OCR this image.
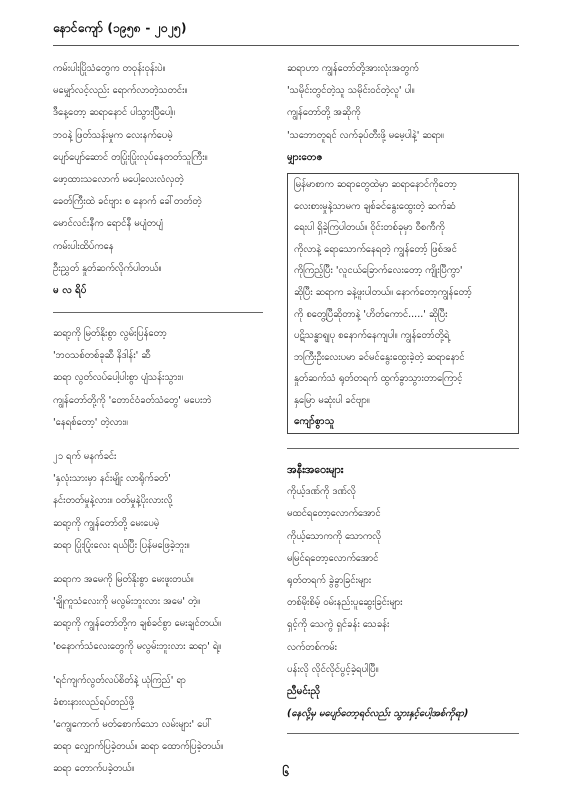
နောင်ကျော် (၁၉၅၈ - ၂၀၂၅)
ကမ်းပါးပြိုသံတွေက တဝုန်းဝုန်းပဲ။
မမျှော်လင့်လည်း ရောက်လာတဲ့သတင်း။
ဒီနေ့တော့ ဆရာနောင် ပါသွားပြီပေါ့။
ဘဝနဲ့ ဖြတ်သန်းမှုက လေးနက်ပေမဲ့
ပျော်ပျော်ဆောင် တပြုံးပြုံးလုပ်နေတတ်သူကြီး။
ဖော့ထားသလောက် မပေါ့လေးလံလှတဲ့
ခေတ်ကြီးထဲ ခင်ဗျား စ နောက် ခေါ်တတ်တဲ့
မောင်လင်းနီက ရောင်နီ မပျံတပျံ
ကမ်းပါးထိပ်ကနေ
ဦးညွှတ် နှုတ်ဆက်လိုက်ပါတယ်။
မ လ ရိပ်
ဆရာ့ကို မြတ်နိုးစွာ လွမ်းပြန်တော့
'ဘဝသစ်တစ်ခုဆီ နိဒါန်း' ဆီ
ဆရာ လွတ်လပ်ပေါ့ပါးစွာ ပျံသန်းသွား။
ကျွန်တော်တို့ကို 'တောင်ဝံခတ်သံတွေ' မပေးဘဲ
'နေရစ်တော့' တဲ့လား။
၂၁ ရက် မနက်ခင်း
'နှလုံးသားမှာ နင်းမျိုး လာရိုက်ခတ်'
နင်းတတ်မှုနဲ့လား။ ဝတ်မှုနဲ့ပိုးလားလို့
ဆရာ့ကို ကျွန်တော်တို့ မေးပေမဲ့
ဆရာ ပြုံးပြုံးလေး ရယ်ပြီး ပြန်မဖြေခဲ့ဘူး။
ဆရာက အမေကို မြတ်နိုးစွာ မေးဖူးတယ်။
'ချိုကူသံလေးကို မလွမ်းဘူးလား အမေ' တဲ့။
ဆရာ့ကို ကျွန်တော်တို့က ချစ်ခင်စွာ မေးချင်တယ်။
'စနောက်သံလေးတွေကို မလွမ်းဘူးလား ဆရာ' ရဲ့။
'ရင်ကျက်လွတ်လပ်စိတ်နဲ့ ယုံကြည်' ရာ
ခံစားနားလည်ရပ်တည်ဖို့
'ကျွေကောက် မတ်စောက်သော လမ်းများ' ပေါ်
ဆရာ လျှောက်ပြခဲ့တယ်။ ဆရာ ထောက်ပြခဲ့တယ်။
ဆရာ တောက်ပခဲ့တယ်။
ဆရာဟာ ကျွန်တော်တို့အားလုံးအတွက်
'သမိုင်းတွင်တဲ့သူ သမိုင်းဝင်တဲ့လူ' ပါ။
ကျွန်တော်တို့ အဆိုကို
'သဘောတူရင် လက်ခုပ်တီးဖို့ မမေ့ပါနဲ့' ဆရာ။
မျှားတေဇ
မြန်မာစာက ဆရာတွေထဲမှာ ဆရာနောင်ကိုတော့
လေးစားမှုနဲ့သာမက ချစ်ခင်နွေးထွေးတဲ့ ဆက်ဆံ
ရေးပါ ရှိခဲ့ကြပါတယ်။ ဝိုင်းတစ်ခုမှာ ဝီစကီကို
ကိုလာနဲ့ ရောသောက်နေရတဲ့ ကျွန်တော့် ဖြစ်အင်
ကိုကြည့်ပြီး 'လူငယ်ခြောက်လေးတော့ ကျိုးပြီကွာ'
ဆိုပြီး ဆရာက ခနဲ့ဖူးပါတယ်။ နောက်တော့ကျွန်တော့်
ကို စတွေ့ပြီဆိုတာနဲ့ 'ဟိတ်ကောင်.....' ဆိုပြီး
ပဋိသန္ဓာရျပု စနောက်နေကျပါ။ ကျွန်တော်တို့ရဲ့
ဘကြီးဦးလေးပမာ ခင်မင်နွေးထွေးခဲ့တဲ့ ဆရာနောင်
နှုတ်ဆက်သံ ရုတ်တရက် ထွက်ခွာသွားတာကြောင့်
နှမြော မဆုံးပါ ခင်ဗျာ။
ကျော်စွာသူ
အနီးအဝေးများ
ကိုယ့်ဒဏ်ကို ဒဏ်လို
မထင်ရတော့လောက်အောင်
ကိုယ့်သောကကို သောကလို
မမြင်ရတော့လောက်အောင်
ရုတ်တရက် ခွဲခွာခြင်းများ
တစ်မိုးစိမ့် ဝမ်းနည်းပူဆွေးခြင်းများ
ရှင့်ကို သေကွဲ ရှင်ခန်း သေခန်း
လက်တစ်ကမ်း
ပန်းလို လိုင်လိုင်ပွင့်ခဲ့ရပါပြီ။
ညီမင်းညို
(နေလို့မှ မပျော်တော့ရင်လည်း သွားနှင့်ပေါ့အစ်ကိုရာ)
၆
